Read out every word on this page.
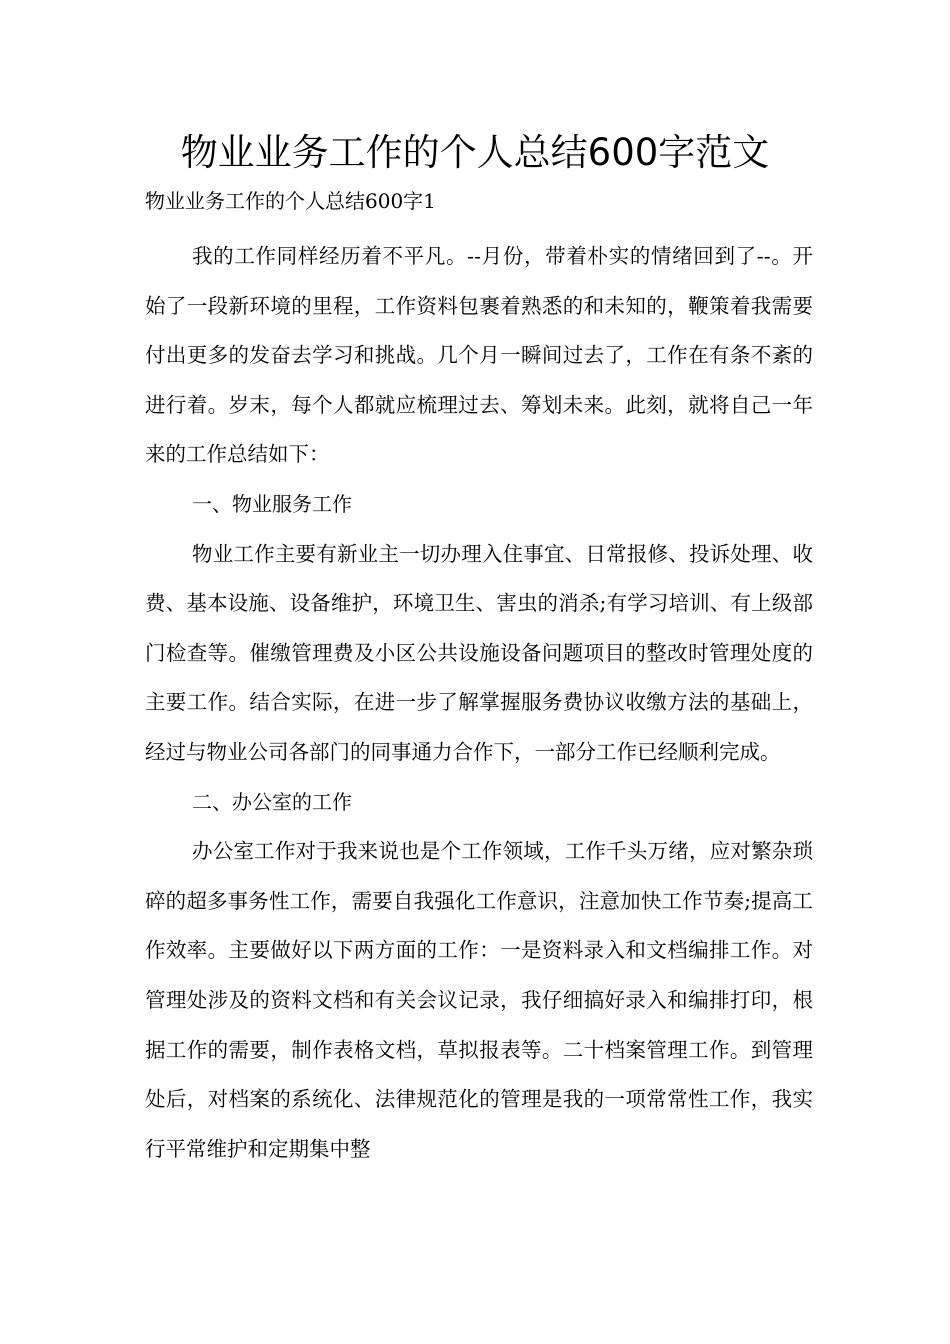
物业业务工作的个人总结600字范文

物业业务工作的个人总结600字1

我的工作同样经历着不平凡。--月份，带着朴实的情绪回到了--。开始了一段新环境的里程，工作资料包裹着熟悉的和未知的，鞭策着我需要付出更多的发奋去学习和挑战。几个月一瞬间过去了，工作在有条不紊的进行着。岁末，每个人都就应梳理过去、筹划未来。此刻，就将自己一年来的工作总结如下：

一、物业服务工作

物业工作主要有新业主一切办理入住事宜、日常报修、投诉处理、收费、基本设施、设备维护，环境卫生、害虫的消杀;有学习培训、有上级部门检查等。催缴管理费及小区公共设施设备问题项目的整改时管理处度的主要工作。结合实际，在进一步了解掌握服务费协议收缴方法的基础上，经过与物业公司各部门的同事通力合作下，一部分工作已经顺利完成。

二、办公室的工作

办公室工作对于我来说也是个工作领域，工作千头万绪，应对繁杂琐碎的超多事务性工作，需要自我强化工作意识，注意加快工作节奏;提高工作效率。主要做好以下两方面的工作：一是资料录入和文档编排工作。对管理处涉及的资料文档和有关会议记录，我仔细搞好录入和编排打印，根据工作的需要，制作表格文档，草拟报表等。二十档案管理工作。到管理处后，对档案的系统化、法律规范化的管理是我的一项常常性工作，我实行平常维护和定期集中整
